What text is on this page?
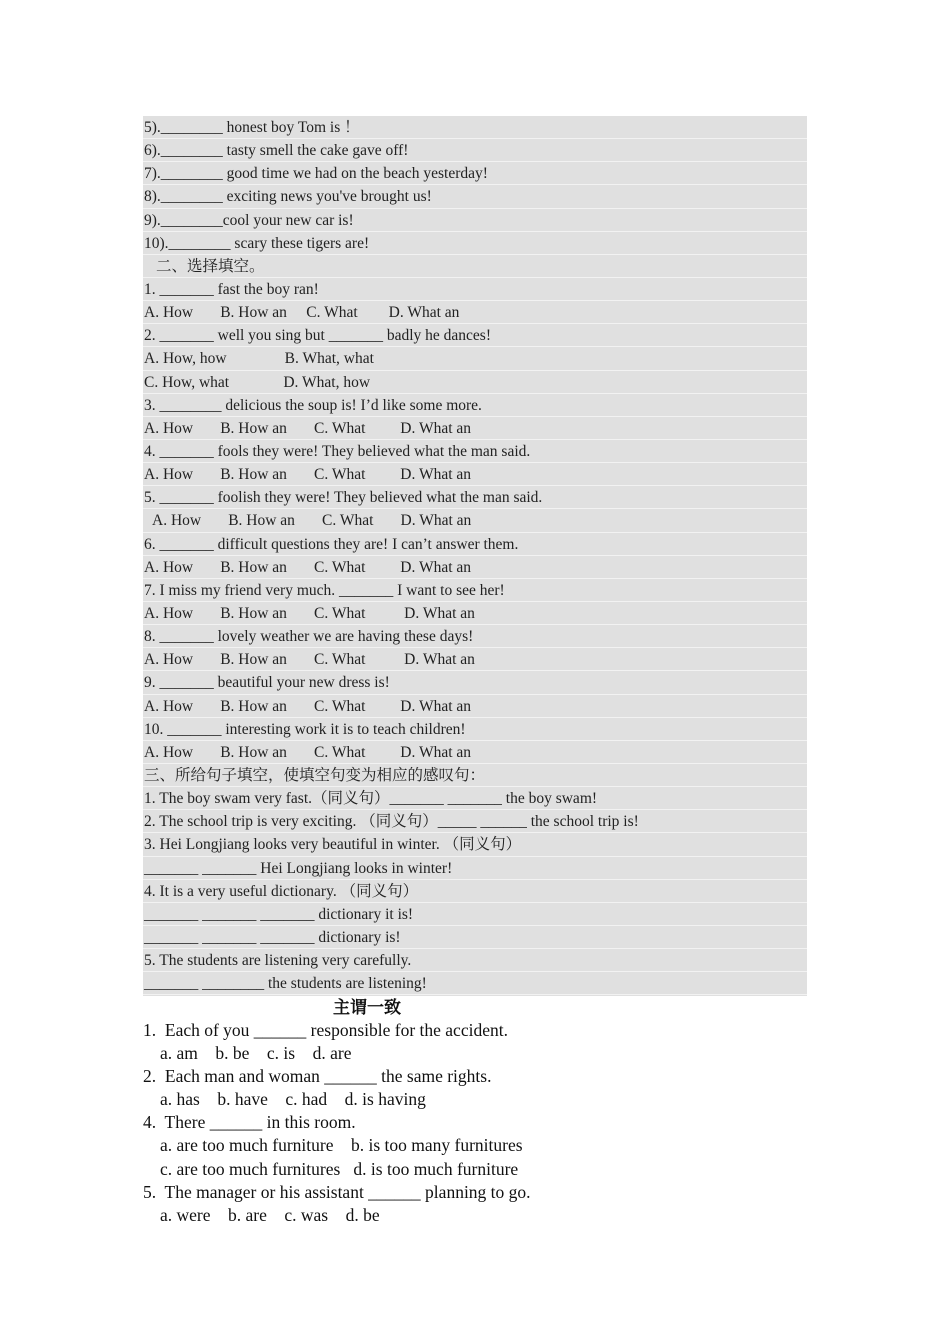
5).________ honest boy Tom is ！
6).________ tasty smell the cake gave off!
7).________ good time we had on the beach yesterday!
8).________ exciting news you've brought us!
9).________cool your new car is!
10).________ scary these tigers are!
二、选择填空。
1. _______ fast the boy ran!
A. How       B. How an     C. What        D. What an
2. _______ well you sing but _______ badly he dances!
A. How, how               B. What, what
C. How, what              D. What, how
3. ________ delicious the soup is! I’d like some more.
A. How       B. How an       C. What         D. What an
4. _______ fools they were! They believed what the man said.
A. How       B. How an       C. What         D. What an
5. _______ foolish they were! They believed what the man said.
A. How       B. How an       C. What       D. What an
6. _______ difficult questions they are! I can’t answer them.
A. How       B. How an       C. What         D. What an
7. I miss my friend very much. _______ I want to see her!
A. How       B. How an       C. What          D. What an
8. _______ lovely weather we are having these days!
A. How       B. How an       C. What          D. What an
9. _______ beautiful your new dress is!
A. How       B. How an       C. What         D. What an
10. _______ interesting work it is to teach children!
A. How       B. How an       C. What         D. What an
三、所给句子填空，使填空句变为相应的感叹句：
1. The boy swam very fast.（同义句）_______ _______ the boy swam!
2. The school trip is very exciting. （同义句）_____ ______ the school trip is!
3. Hei Longjiang looks very beautiful in winter. （同义句）
_______ _______ Hei Longjiang looks in winter!
4. It is a very useful dictionary. （同义句）
_______ _______ _______ dictionary it is!
_______ _______ _______ dictionary is!
5. The students are listening very carefully.
_______ ________ the students are listening!
主谓一致
1.  Each of you ______ responsible for the accident.
a. am    b. be    c. is    d. are
2.  Each man and woman ______ the same rights.
a. has    b. have    c. had    d. is having
4.  There ______ in this room.
a. are too much furniture    b. is too many furnitures
c. are too much furnitures   d. is too much furniture
5.  The manager or his assistant ______ planning to go.
a. were    b. are    c. was    d. be
